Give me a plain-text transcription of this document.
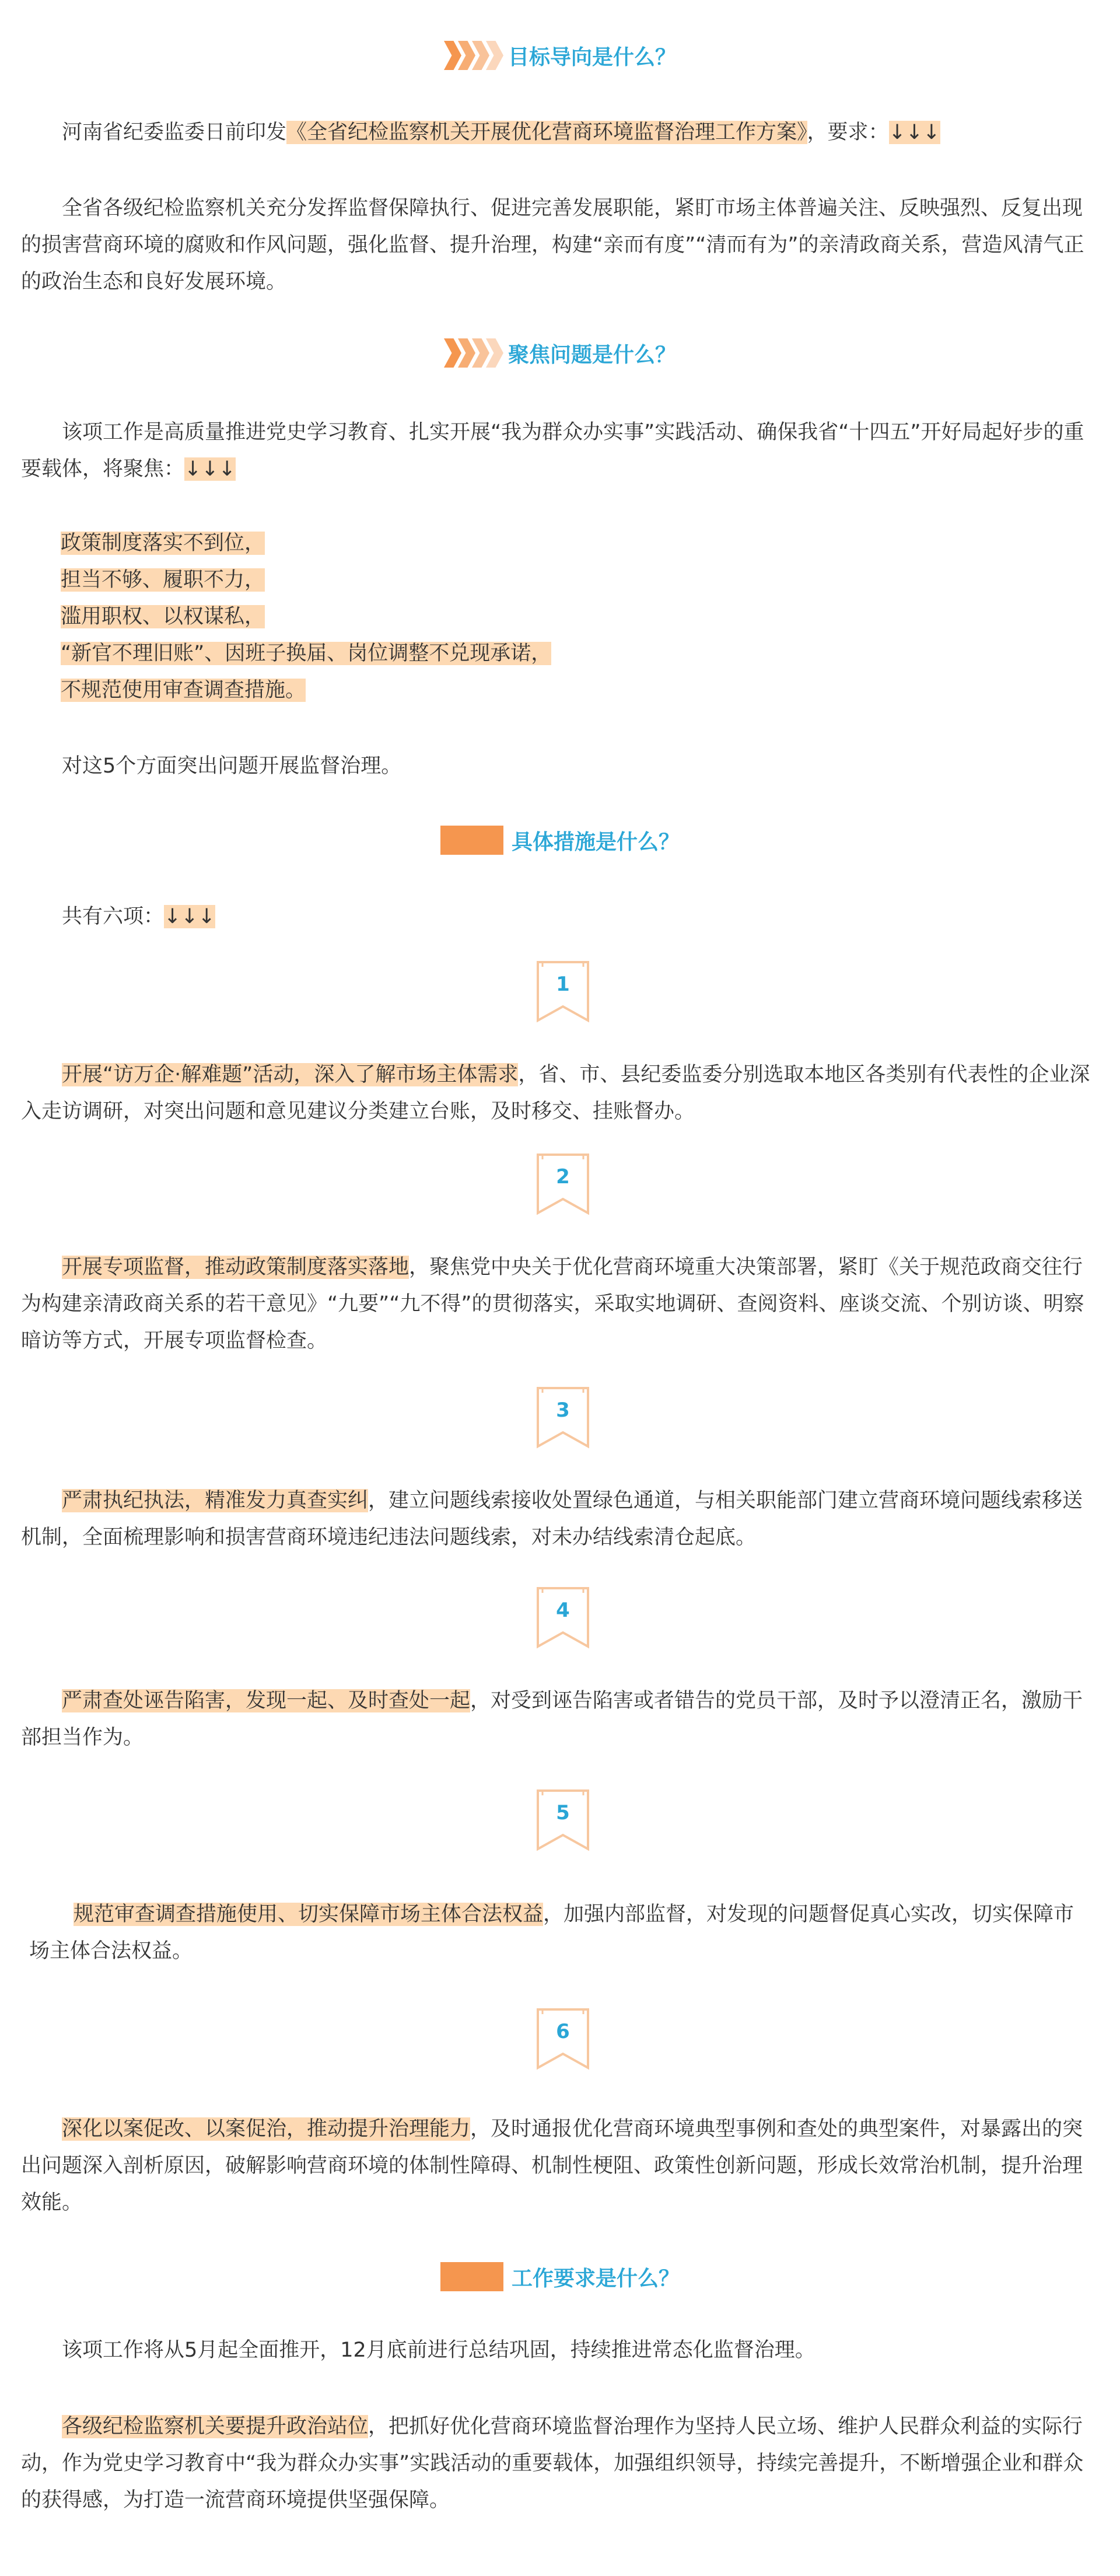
目标导向是什么？

河南省纪委监委日前印发《全省纪检监察机关开展优化营商环境监督治理工作方案》，要求：↓↓↓

全省各级纪检监察机关充分发挥监督保障执行、促进完善发展职能，紧盯市场主体普遍关注、反映强烈、反复出现的损害营商环境的腐败和作风问题，强化监督、提升治理，构建“亲而有度”“清而有为”的亲清政商关系，营造风清气正的政治生态和良好发展环境。

聚焦问题是什么？

该项工作是高质量推进党史学习教育、扎实开展“我为群众办实事”实践活动、确保我省“十四五”开好局起好步的重要载体，将聚焦：↓↓↓

政策制度落实不到位，
担当不够、履职不力，
滥用职权、以权谋私，
“新官不理旧账”、因班子换届、岗位调整不兑现承诺，
不规范使用审查调查措施。

对这5个方面突出问题开展监督治理。

具体措施是什么？

共有六项：↓↓↓

1

开展“访万企·解难题”活动，深入了解市场主体需求，省、市、县纪委监委分别选取本地区各类别有代表性的企业深入走访调研，对突出问题和意见建议分类建立台账，及时移交、挂账督办。

2

开展专项监督，推动政策制度落实落地，聚焦党中央关于优化营商环境重大决策部署，紧盯《关于规范政商交往行为构建亲清政商关系的若干意见》“九要”“九不得”的贯彻落实，采取实地调研、查阅资料、座谈交流、个别访谈、明察暗访等方式，开展专项监督检查。

3

严肃执纪执法，精准发力真查实纠，建立问题线索接收处置绿色通道，与相关职能部门建立营商环境问题线索移送机制，全面梳理影响和损害营商环境违纪违法问题线索，对未办结线索清仓起底。

4

严肃查处诬告陷害，发现一起、及时查处一起，对受到诬告陷害或者错告的党员干部，及时予以澄清正名，激励干部担当作为。

5

规范审查调查措施使用、切实保障市场主体合法权益，加强内部监督，对发现的问题督促真心实改，切实保障市场主体合法权益。

6

深化以案促改、以案促治，推动提升治理能力，及时通报优化营商环境典型事例和查处的典型案件，对暴露出的突出问题深入剖析原因，破解影响营商环境的体制性障碍、机制性梗阻、政策性创新问题，形成长效常治机制，提升治理效能。

工作要求是什么？

该项工作将从5月起全面推开，12月底前进行总结巩固，持续推进常态化监督治理。

各级纪检监察机关要提升政治站位，把抓好优化营商环境监督治理作为坚持人民立场、维护人民群众利益的实际行动，作为党史学习教育中“我为群众办实事”实践活动的重要载体，加强组织领导，持续完善提升，不断增强企业和群众的获得感，为打造一流营商环境提供坚强保障。
